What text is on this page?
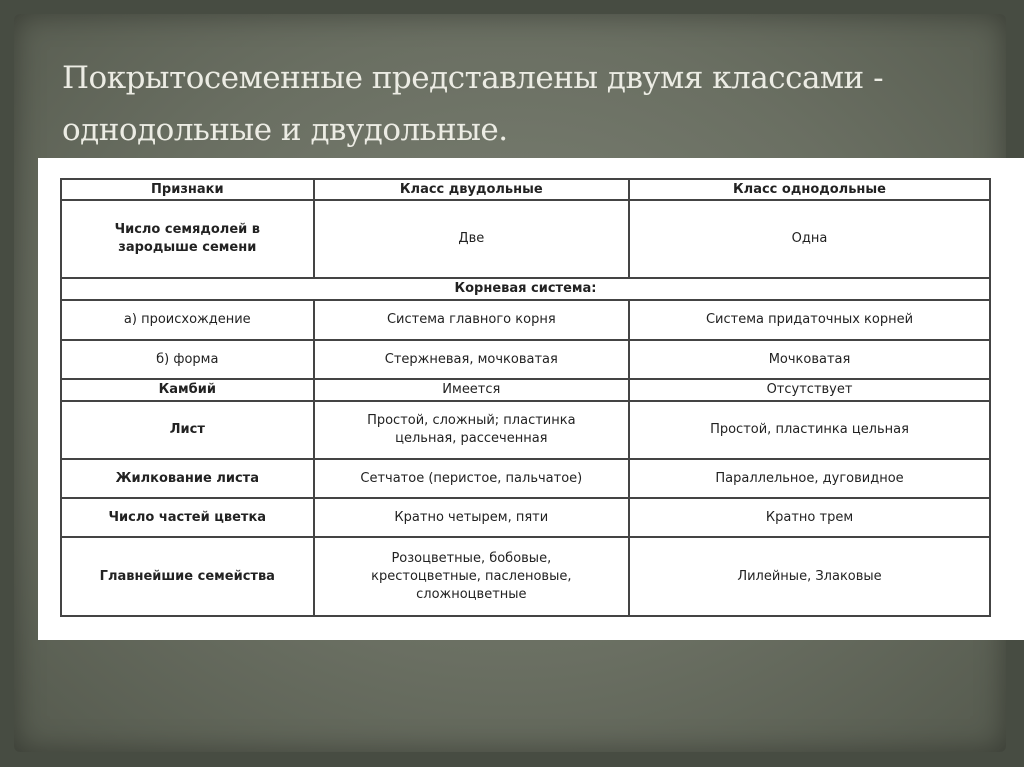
Покрытосеменные представлены двумя классами -
однодольные и двудольные.
Признаки	Класс двудольные	Класс однодольные
Число семядолей в зародыше семени	Две	Одна
Корневая система:		
а) происхождение	Система главного корня	Система придаточных корней
б) форма	Стержневая, мочковатая	Мочковатая
Камбий	Имеется	Отсутствует
Лист	Простой, сложный; пластинка цельная, рассеченная	Простой, пластинка цельная
Жилкование листа	Сетчатое (перистое, пальчатое)	Параллельное, дуговидное
Число частей цветка	Кратно четырем, пяти	Кратно трем
Главнейшие семейства	Розоцветные, бобовые, крестоцветные, пасленовые, сложноцветные	Лилейные, Злаковые
